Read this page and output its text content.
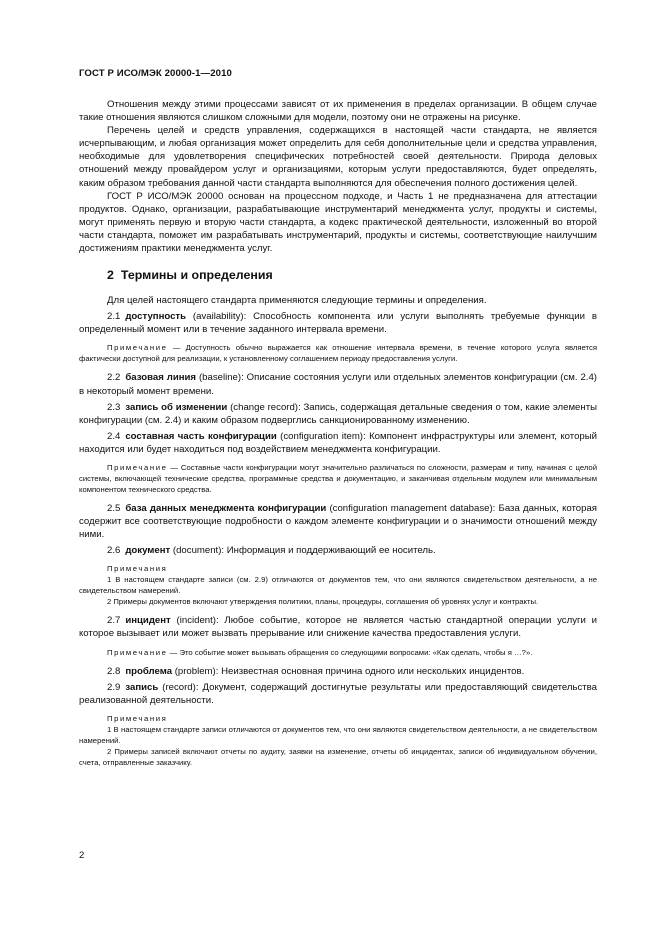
ГОСТ Р ИСО/МЭК 20000-1—2010

Отношения между этими процессами зависят от их применения в пределах организации. В общем случае такие отношения являются слишком сложными для модели, поэтому они не отражены на рисунке.

Перечень целей и средств управления, содержащихся в настоящей части стандарта, не является исчерпывающим, и любая организация может определить для себя дополнительные цели и средства управления, необходимые для удовлетворения специфических потребностей своей деятельности. Природа деловых отношений между провайдером услуг и организациями, которым услуги предоставляются, будет определять, каким образом требования данной части стандарта выполняются для обеспечения полного достижения целей.

ГОСТ Р ИСО/МЭК 20000 основан на процессном подходе, и Часть 1 не предназначена для аттестации продуктов. Однако, организации, разрабатывающие инструментарий менеджмента услуг, продукты и системы, могут применять первую и вторую части стандарта, а кодекс практической деятельности, изложенный во второй части стандарта, поможет им разрабатывать инструментарий, продукты и системы, соответствующие наилучшим достижениям практики менеджмента услуг.

2 Термины и определения

Для целей настоящего стандарта применяются следующие термины и определения.

2.1 доступность (availability): Способность компонента или услуги выполнять требуемые функции в определенный момент или в течение заданного интервала времени.

Примечание — Доступность обычно выражается как отношение интервала времени, в течение которого услуга является фактически доступной для реализации, к установленному соглашением периоду предоставления услуги.

2.2 базовая линия (baseline): Описание состояния услуги или отдельных элементов конфигурации (см. 2.4) в некоторый момент времени.

2.3 запись об изменении (change record): Запись, содержащая детальные сведения о том, какие элементы конфигурации (см. 2.4) и каким образом подверглись санкционированному изменению.

2.4 составная часть конфигурации (configuration item): Компонент инфраструктуры или элемент, который находится или будет находиться под воздействием менеджмента конфигурации.

Примечание — Составные части конфигурации могут значительно различаться по сложности, размерам и типу, начиная с целой системы, включающей технические средства, программные средства и документацию, и заканчивая отдельным модулем или минимальным компонентом технического средства.

2.5 база данных менеджмента конфигурации (configuration management database): База данных, которая содержит все соответствующие подробности о каждом элементе конфигурации и о значимости отношений между ними.

2.6 документ (document): Информация и поддерживающий ее носитель.

Примечания

1 В настоящем стандарте записи (см. 2.9) отличаются от документов тем, что они являются свидетельством деятельности, а не свидетельством намерений.

2 Примеры документов включают утверждения политики, планы, процедуры, соглашения об уровнях услуг и контракты.

2.7 инцидент (incident): Любое событие, которое не является частью стандартной операции услуги и которое вызывает или может вызвать прерывание или снижение качества предоставления услуги.

Примечание — Это событие может вызывать обращения со следующими вопросами: «Как сделать, чтобы я …?».

2.8 проблема (problem): Неизвестная основная причина одного или нескольких инцидентов.

2.9 запись (record): Документ, содержащий достигнутые результаты или предоставляющий свидетельства реализованной деятельности.

Примечания

1 В настоящем стандарте записи отличаются от документов тем, что они являются свидетельством деятельности, а не свидетельством намерений.

2 Примеры записей включают отчеты по аудиту, заявки на изменение, отчеты об инцидентах, записи об индивидуальном обучении, счета, отправленные заказчику.

2
